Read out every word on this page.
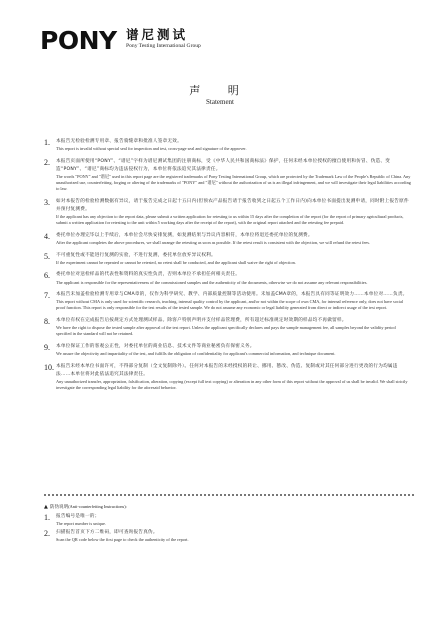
PONY 谱尼测试
Pony Testing International Group
声 明
Statement
1. 本报告无检验检测专用章、报告骑缝章和批准人签章无效。
This report is invalid without special seal for inspection and test, cross-page seal and signature of the approver.
2. 本报告页面所使用“PONY”、“谱尼”字样为谱尼测试集团的注册商标，受《中华人民共和国商标法》保护，任何未经本单位授权的擅自使用和仿冒、伪造、变造“PONY”、“谱尼”商标均为违法侵权行为，本单位将依法追究其法律责任。
The words "PONY" and "谱尼" used in this report page are the registered trademarks of Pony Testing International Group, which are protected by the Trademark Law of the People's Republic of China. Any unauthorized use, counterfeiting, forging or altering of the trademarks of "PONY" and "谱尼" without the authorization of us is an illegal infringement, and we will investigate their legal liabilities according to law.
3. 如对本报告的检验检测数据有异议，请于报告完成之日起十五日内(但预农产品报告请于报告收到之日起五个工作日内)向本单位书面提出复测申请，同时附上报告原件并预付复测费。
If the applicant has any objection to the report data, please submit a written application for retesting to us within 15 days after the completion of the report (for the report of primary agricultural products, submit a written application for retesting to the unit within 5 working days after the receipt of the report), with the original report attached and the retesting fee prepaid.
4. 委托单位办理完毕以上手续后，本单位会尽快安排复测，如复测结果与异议内容相符，本单位将退还委托单位的复测费。
After the applicant completes the above procedures, we shall arrange the retesting as soon as possible. If the retest result is consistent with the objection, we will refund the retest fees.
5. 不可重复性或不能进行复测的实验，不进行复测，委托单位放弃异议权利。
If the experiment cannot be repeated or cannot be retested, no retest shall be conducted, and the applicant shall waive the right of objection.
6. 委托单位对送检样品的代表性和资料的真实性负责，否则本单位不承担任何相关责任。
The applicant is responsible for the representativeness of the commissioned samples and the authenticity of the documents, otherwise we do not assume any relevant responsibilities.
7. 本报告未加盖检验检测专用章与CMA章的，仅作为科学研究、教学、内部质量控制等活动使用。未加盖CMA章的，本报告具有同等证明效力……本单位对……负责。
This report without CMA is only used for scientific research, teaching, internal quality control by the applicant, and/or not within the scope of own CMA, for internal reference only, does not have social proof function. This report is only responsible for the test results of the tested sample. We do not assume any economic or legal liability generated from direct or indirect usage of the test report.
8. 本单位有权在完成报告后按规定方式处理测试样品。除客户特别声明并支付样品管理费，所有超过标准规定时效期的样品均不再做留样。
We have the right to dispose the tested sample after approval of the test report. Unless the applicant specifically declares and pays the sample management fee, all samples beyond the validity period specified in the standard will not be retained.
9. 本单位保证工作的客观公正性，对委托单位的商业信息、技术文件等商业秘密负有保密义务。
We assure the objectivity and impartiality of the test, and fulfills the obligation of confidentiality for applicant's commercial information, and technique document.
10. 本报告未经本单位书面许可，不得部分复制（全文复制除外）。任何对本报告的未经授权的转让、挪用、篡改、伪造、复制或对其任何部分进行更改的行为均属违法……本单位将对此依法追究其法律责任。
Any unauthorized transfer, appropriation, falsification, alteration, copying (except full text copying) or alteration in any other form of this report without the approval of us shall be invalid. We shall strictly investigate the corresponding legal liability for the aforesaid behavior.
▲ 防伪说明(Anti-counterfeiting Instructions):
1. 报告编号是唯一的；
The report number is unique.
2. 扫描报告首页下方二维码，即可查询报告真伪。
Scan the QR code below the first page to check the authenticity of the report.
